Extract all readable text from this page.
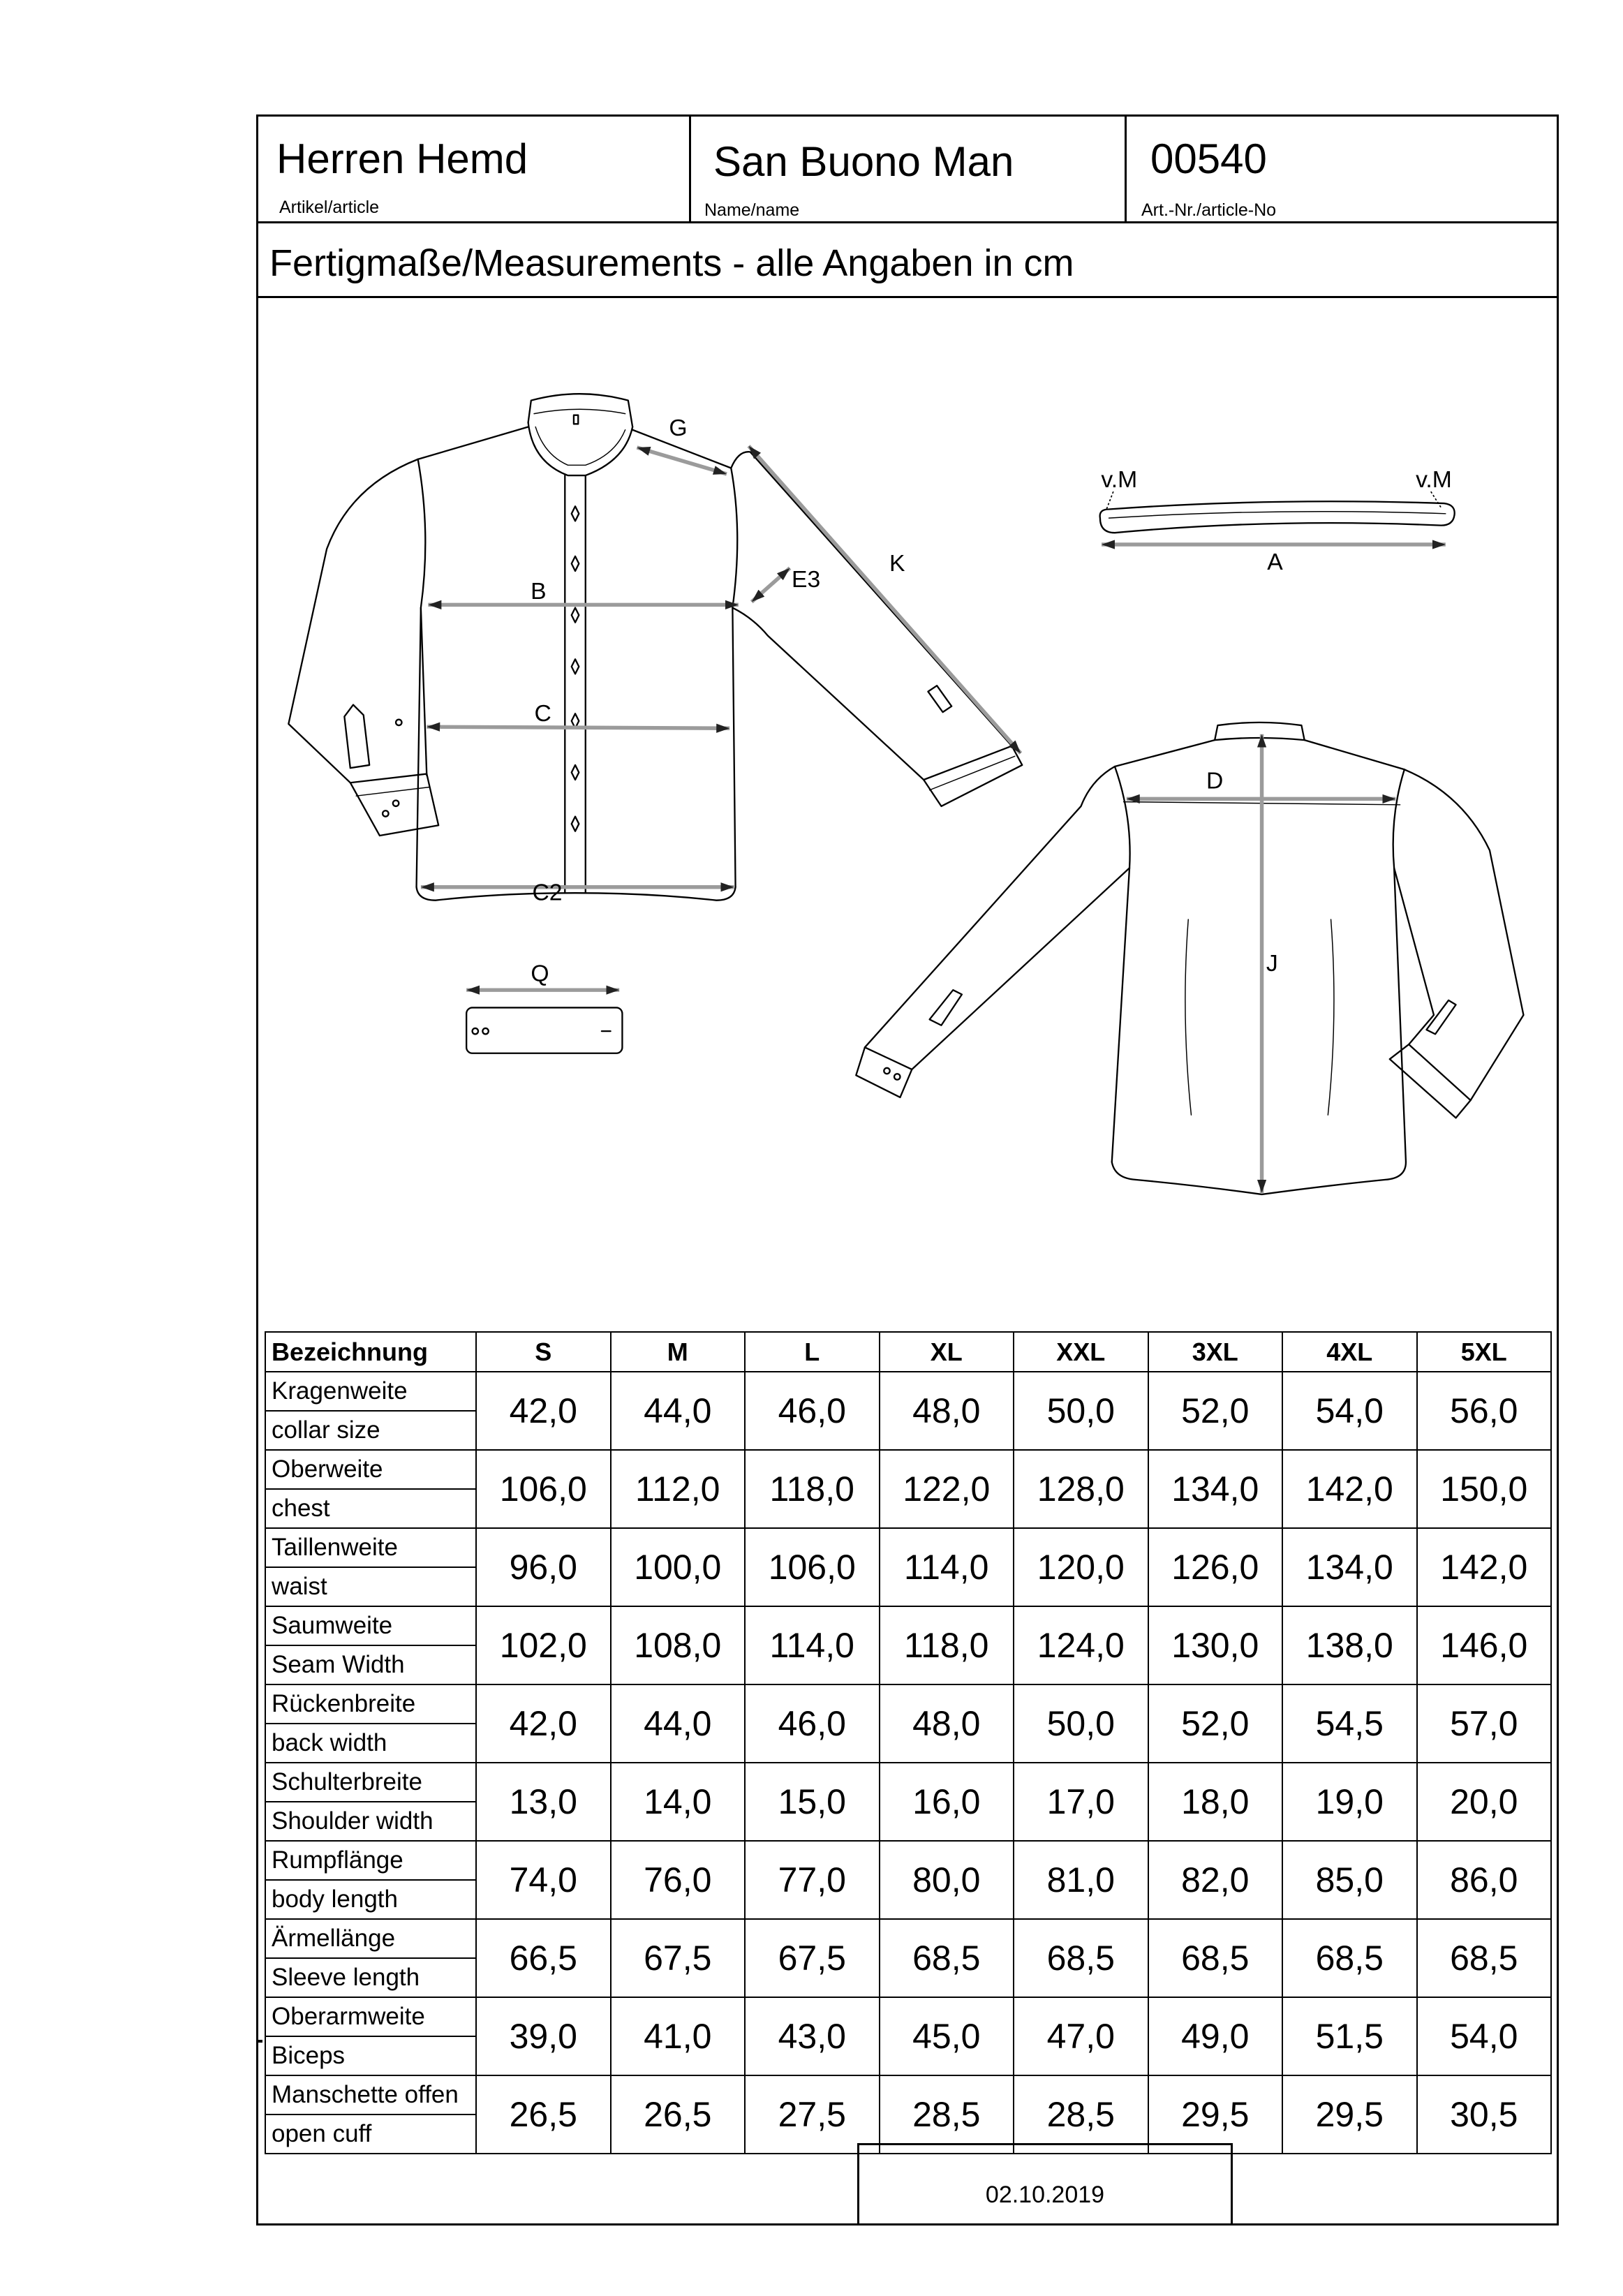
Herren Hemd
Artikel/article
San Buono Man
Name/name
00540
Art.-Nr./article-No
Fertigmaße/Measurements - alle Angaben in cm
G
K
E3
B
C
C2
Q
v.M	v.M
A
D
J
Bezeichnung	S	M	L	XL	XXL	3XL	4XL	5XL

Kragenweite
collar size	42,0	44,0	46,0	48,0	50,0	52,0	54,0	56,0

Oberweite
chest	106,0	112,0	118,0	122,0	128,0	134,0	142,0	150,0

Taillenweite
waist	96,0	100,0	106,0	114,0	120,0	126,0	134,0	142,0

Saumweite
Seam Width	102,0	108,0	114,0	118,0	124,0	130,0	138,0	146,0

Rückenbreite
back width	42,0	44,0	46,0	48,0	50,0	52,0	54,5	57,0

Schulterbreite
Shoulder width	13,0	14,0	15,0	16,0	17,0	18,0	19,0	20,0

Rumpflänge
body length	74,0	76,0	77,0	80,0	81,0	82,0	85,0	86,0

Ärmellänge
Sleeve length	66,5	67,5	67,5	68,5	68,5	68,5	68,5	68,5

Oberarmweite
Biceps	39,0	41,0	43,0	45,0	47,0	49,0	51,5	54,0

Manschette offen
open cuff	26,5	26,5	27,5	28,5	28,5	29,5	29,5	30,5
02.10.2019
